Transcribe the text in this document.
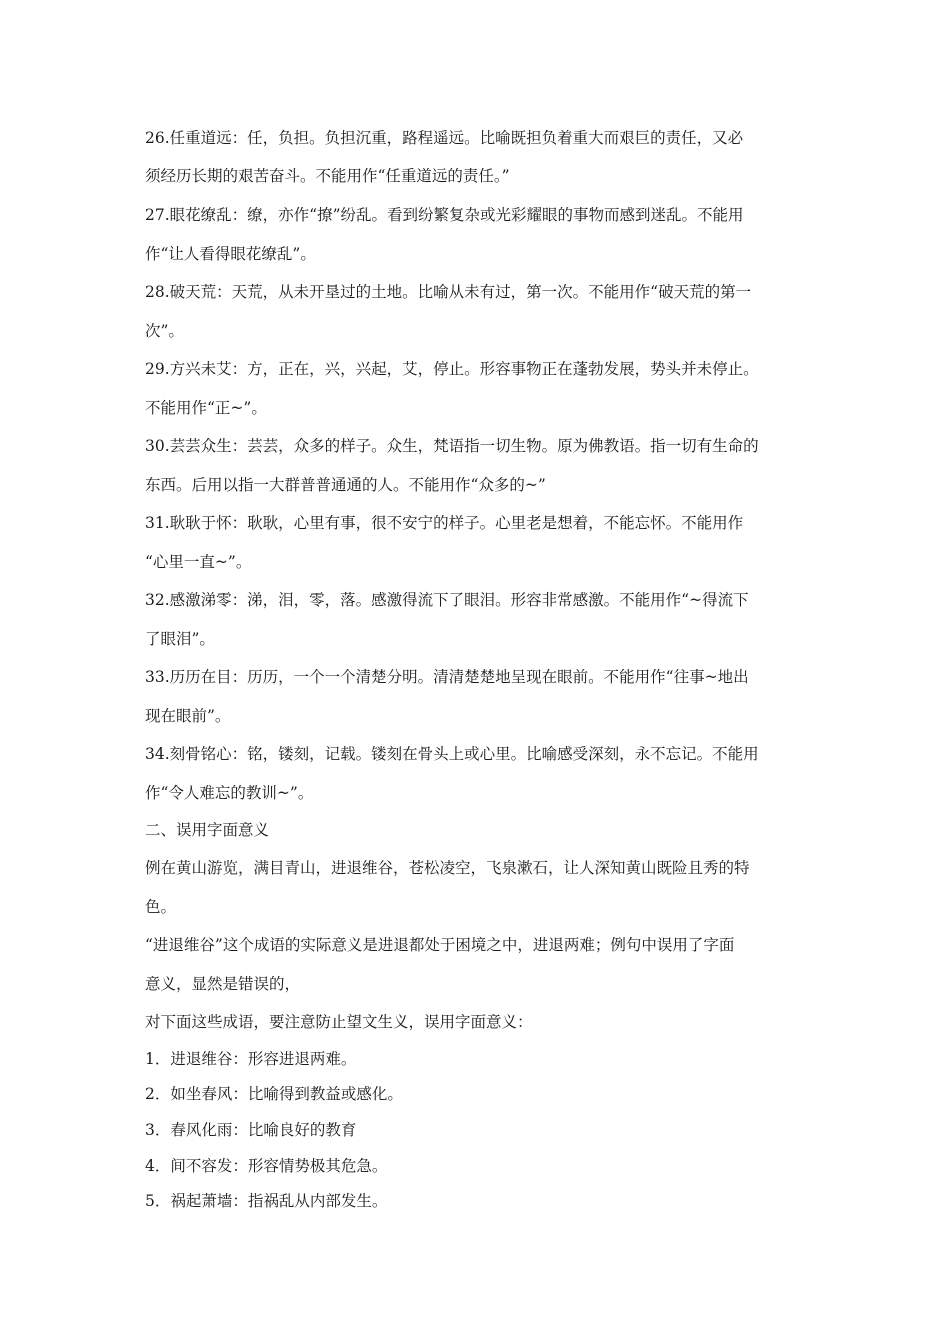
26.任重道远：任，负担。负担沉重，路程遥远。比喻既担负着重大而艰巨的责任，又必
须经历长期的艰苦奋斗。不能用作“任重道远的责任。”
27.眼花缭乱：缭，亦作“撩”纷乱。看到纷繁复杂或光彩耀眼的事物而感到迷乱。不能用
作“让人看得眼花缭乱”。
28.破天荒：天荒，从未开垦过的土地。比喻从未有过，第一次。不能用作“破天荒的第一
次”。
29.方兴未艾：方，正在，兴，兴起，艾，停止。形容事物正在蓬勃发展，势头并未停止。
不能用作“正~”。
30.芸芸众生：芸芸，众多的样子。众生，梵语指一切生物。原为佛教语。指一切有生命的
东西。后用以指一大群普普通通的人。不能用作“众多的~”
31.耿耿于怀：耿耿，心里有事，很不安宁的样子。心里老是想着，不能忘怀。不能用作
“心里一直~”。
32.感激涕零：涕，泪，零，落。感激得流下了眼泪。形容非常感激。不能用作“~得流下
了眼泪”。
33.历历在目：历历，一个一个清楚分明。清清楚楚地呈现在眼前。不能用作“往事~地出
现在眼前”。
34.刻骨铭心：铭，镂刻，记载。镂刻在骨头上或心里。比喻感受深刻，永不忘记。不能用
作“令人难忘的教训~”。
二、误用字面意义
例在黄山游览，满目青山，进退维谷，苍松凌空，飞泉漱石，让人深知黄山既险且秀的特
色。
“进退维谷”这个成语的实际意义是进退都处于困境之中，进退两难；例句中误用了字面
意义，显然是错误的，
对下面这些成语，要注意防止望文生义，误用字面意义：
1．进退维谷：形容进退两难。
2．如坐春风：比喻得到教益或感化。
3．春风化雨：比喻良好的教育
4．间不容发：形容情势极其危急。
5．祸起萧墙：指祸乱从内部发生。
